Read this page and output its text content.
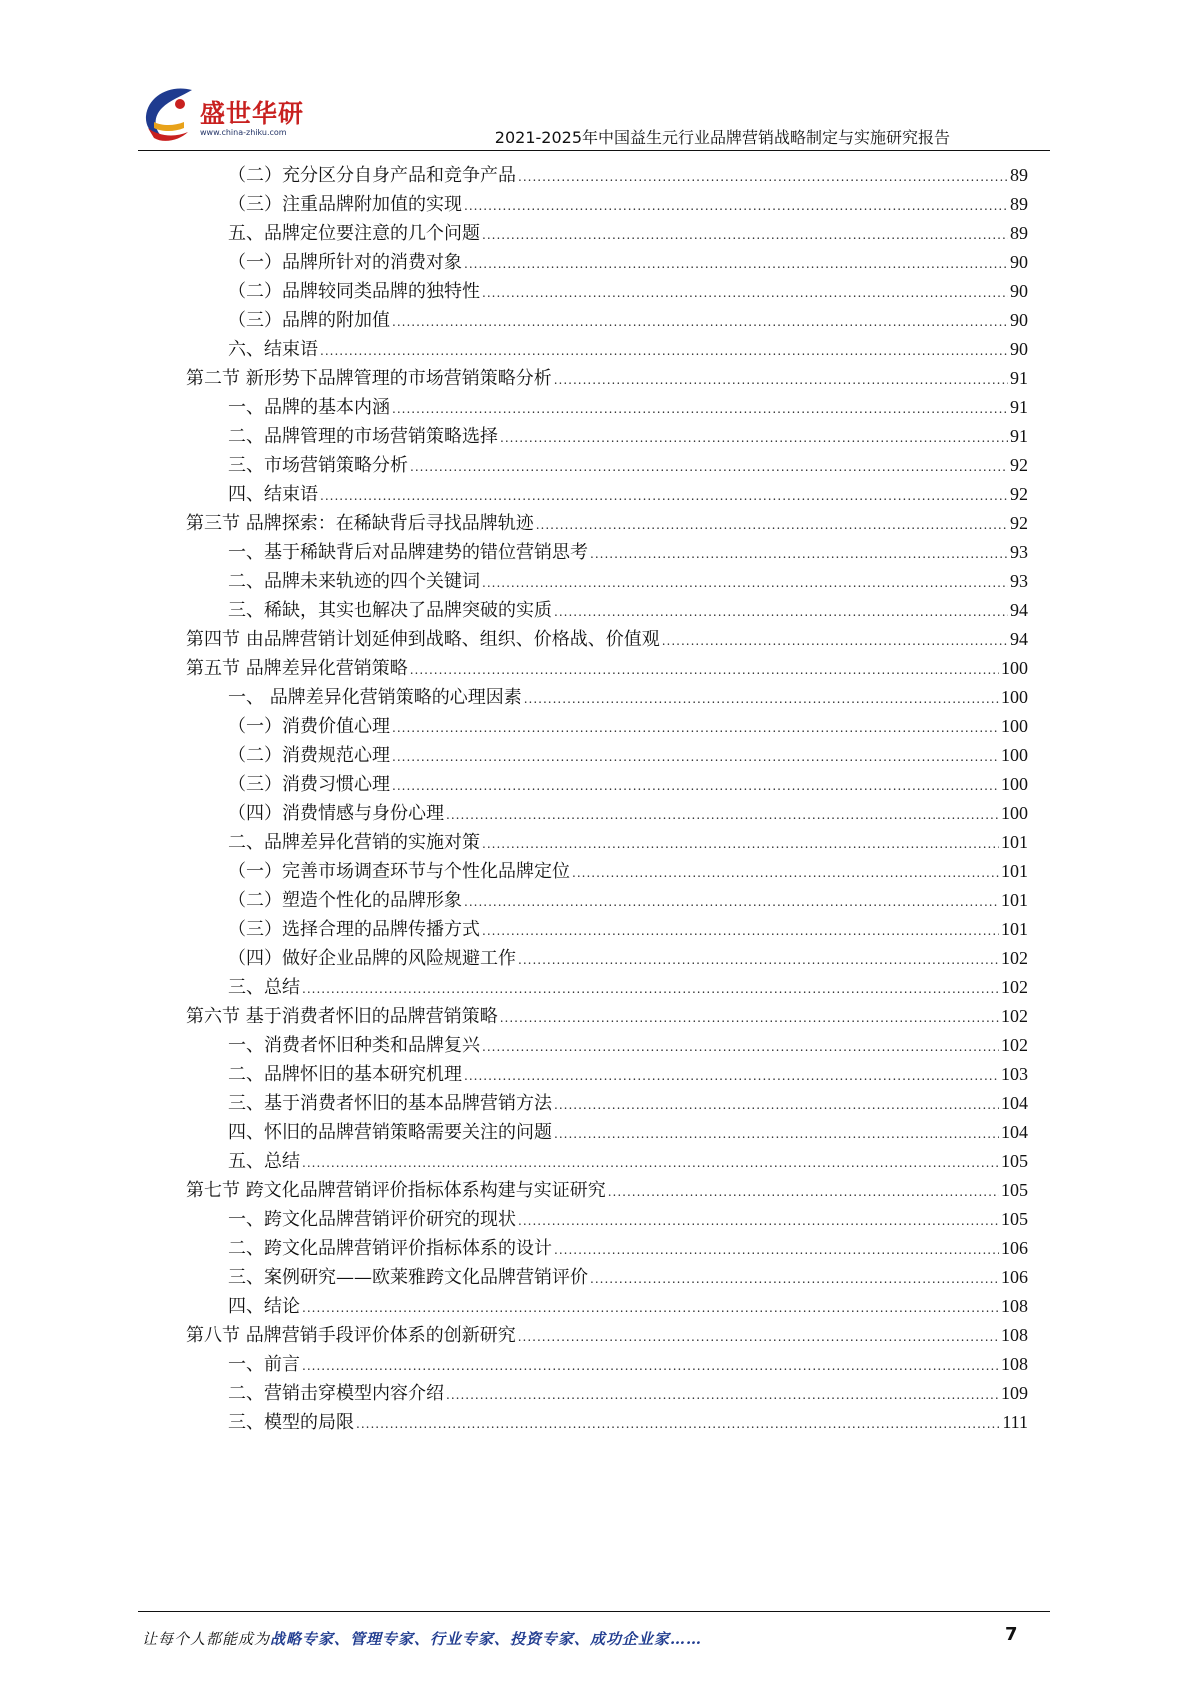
盛世华研
www.china-zhiku.com	2021-2025年中国益生元行业品牌营销战略制定与实施研究报告
（二）充分区分自身产品和竞争产品 .....	89
（三）注重品牌附加值的实现 .....	89
五、品牌定位要注意的几个问题 .....	89
（一）品牌所针对的消费对象 .....	90
（二）品牌较同类品牌的独特性 .....	90
（三）品牌的附加值 .....	90
六、结束语 .....	90
第二节 新形势下品牌管理的市场营销策略分析 .....	91
一、品牌的基本内涵 .....	91
二、品牌管理的市场营销策略选择 .....	91
三、市场营销策略分析 .....	92
四、结束语 .....	92
第三节 品牌探索：在稀缺背后寻找品牌轨迹 .....	92
一、基于稀缺背后对品牌建势的错位营销思考 .....	93
二、品牌未来轨迹的四个关键词 .....	93
三、稀缺，其实也解决了品牌突破的实质 .....	94
第四节 由品牌营销计划延伸到战略、组织、价格战、价值观 .....	94
第五节 品牌差异化营销策略 .....	100
一、 品牌差异化营销策略的心理因素 .....	100
（一）消费价值心理 .....	100
（二）消费规范心理 .....	100
（三）消费习惯心理 .....	100
（四）消费情感与身份心理 .....	100
二、品牌差异化营销的实施对策 .....	101
（一）完善市场调查环节与个性化品牌定位 .....	101
（二）塑造个性化的品牌形象 .....	101
（三）选择合理的品牌传播方式 .....	101
（四）做好企业品牌的风险规避工作 .....	102
三、总结 .....	102
第六节 基于消费者怀旧的品牌营销策略 .....	102
一、消费者怀旧种类和品牌复兴 .....	102
二、品牌怀旧的基本研究机理 .....	103
三、基于消费者怀旧的基本品牌营销方法 .....	104
四、怀旧的品牌营销策略需要关注的问题 .....	104
五、总结 .....	105
第七节 跨文化品牌营销评价指标体系构建与实证研究 .....	105
一、跨文化品牌营销评价研究的现状 .....	105
二、跨文化品牌营销评价指标体系的设计 .....	106
三、案例研究——欧莱雅跨文化品牌营销评价 .....	106
四、结论 .....	108
第八节 品牌营销手段评价体系的创新研究 .....	108
一、前言 .....	108
二、营销击穿模型内容介绍 .....	109
三、模型的局限 .....	111
让每个人都能成为战略专家、管理专家、行业专家、投资专家、成功企业家……	7
